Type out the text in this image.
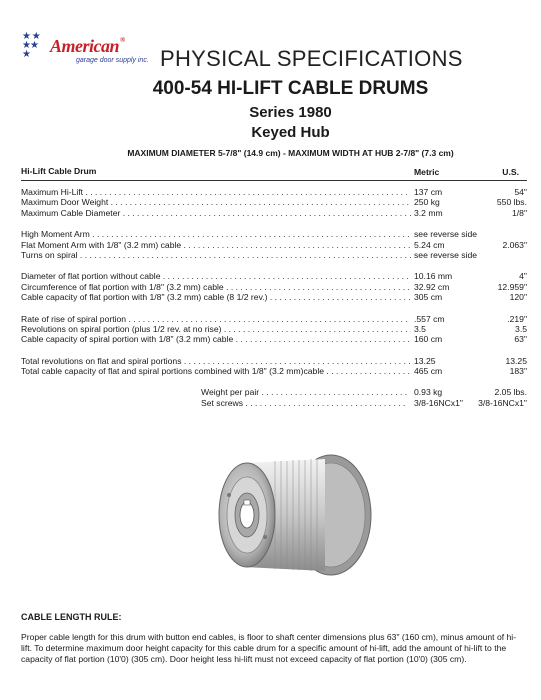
★ ★
★★
★	American®
garage door supply inc. PHYSICAL SPECIFICATIONS
400-54 HI-LIFT CABLE DRUMS
Series 1980
Keyed Hub
MAXIMUM DIAMETER 5-7/8" (14.9 cm) - MAXIMUM WIDTH AT HUB 2-7/8" (7.3 cm)
Hi-Lift Cable Drum	Metric	U.S.
Maximum Hi-Lift . . .	137 cm	54"
Maximum Door Weight . . .	250 kg	550 lbs.
Maximum Cable Diameter . . .	3.2 mm	1/8"
High Moment Arm . . .	see reverse side
Flat Moment Arm with 1/8" (3.2 mm) cable . . .	5.24 cm	2.063"
Turns on spiral . . .	see reverse side
Diameter of flat portion without cable . . .	10.16 mm	4"
Circumference of flat portion with 1/8" (3.2 mm) cable . . .	32.92 cm	12.959"
Cable capacity of flat portion with 1/8" (3.2 mm) cable (8 1/2 rev.) . . .	305 cm	120"
Rate of rise of spiral portion . . .	.557 cm	.219"
Revolutions on spiral portion (plus 1/2 rev. at no rise) . . .	3.5	3.5
Cable capacity of spiral portion with 1/8" (3.2 mm) cable . . .	160 cm	63"
Total revolutions on flat and spiral portions . . .	13.25	13.25
Total cable capacity of flat and spiral portions combined with 1/8" (3.2 mm)cable . . .	465 cm	183"
Weight per pair . . .	0.93 kg	2.05 lbs.
Set screws . . .	3/8-16NCx1"	3/8-16NCx1"
CABLE LENGTH RULE:
Proper cable length for this drum with button end cables, is floor to shaft center dimensions plus 63" (160 cm), minus amount of hi-lift. To determine maximum door height capacity for this cable drum for a specific amount of hi-lift, add the amount of hi-lift to the capacity of flat portion (10'0) (305 cm). Door height less hi-lift must not exceed capacity of flat portion (10'0) (305 cm).
